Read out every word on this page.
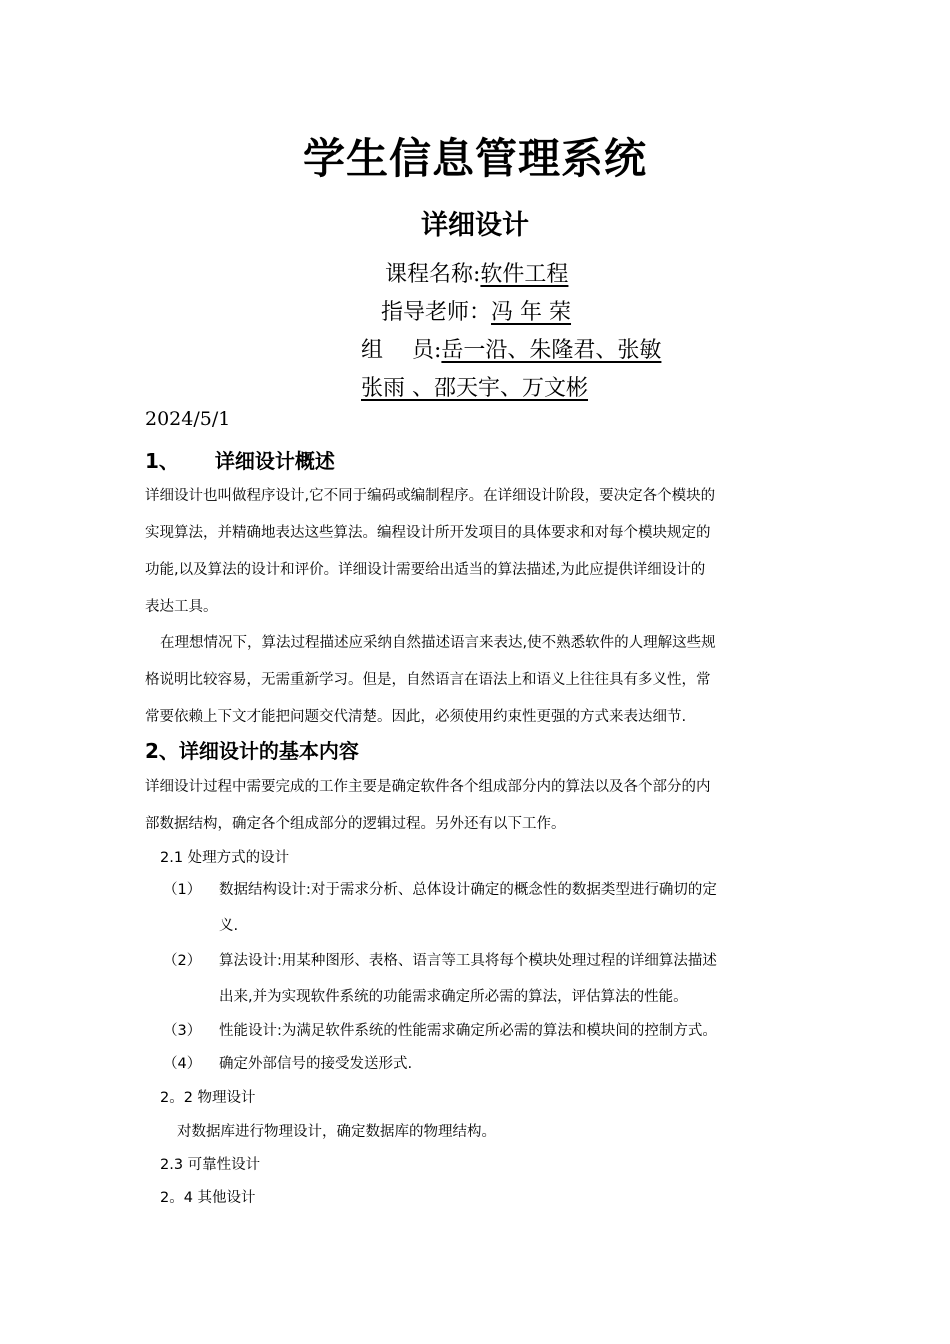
学生信息管理系统
详细设计
课程名称:软件工程
指导老师：冯 年 荣
组　 员:岳一沿、朱隆君、张敏
张雨 、邵天宇、万文彬
2024/5/1
1、 详细设计概述
详细设计也叫做程序设计,它不同于编码或编制程序。在详细设计阶段，要决定各个模块的
实现算法，并精确地表达这些算法。编程设计所开发项目的具体要求和对每个模块规定的
功能,以及算法的设计和评价。详细设计需要给出适当的算法描述,为此应提供详细设计的
表达工具。
在理想情况下，算法过程描述应采纳自然描述语言来表达,使不熟悉软件的人理解这些规
格说明比较容易，无需重新学习。但是，自然语言在语法上和语义上往往具有多义性，常
常要依赖上下文才能把问题交代清楚。因此，必须使用约束性更强的方式来表达细节.
2、详细设计的基本内容
详细设计过程中需要完成的工作主要是确定软件各个组成部分内的算法以及各个部分的内
部数据结构，确定各个组成部分的逻辑过程。另外还有以下工作。
2.1 处理方式的设计
（1） 数据结构设计:对于需求分析、总体设计确定的概念性的数据类型进行确切的定
义.
（2） 算法设计:用某种图形、表格、语言等工具将每个模块处理过程的详细算法描述
出来,并为实现软件系统的功能需求确定所必需的算法，评估算法的性能。
（3） 性能设计:为满足软件系统的性能需求确定所必需的算法和模块间的控制方式。
（4） 确定外部信号的接受发送形式.
2。2 物理设计
对数据库进行物理设计，确定数据库的物理结构。
2.3 可靠性设计
2。4 其他设计
